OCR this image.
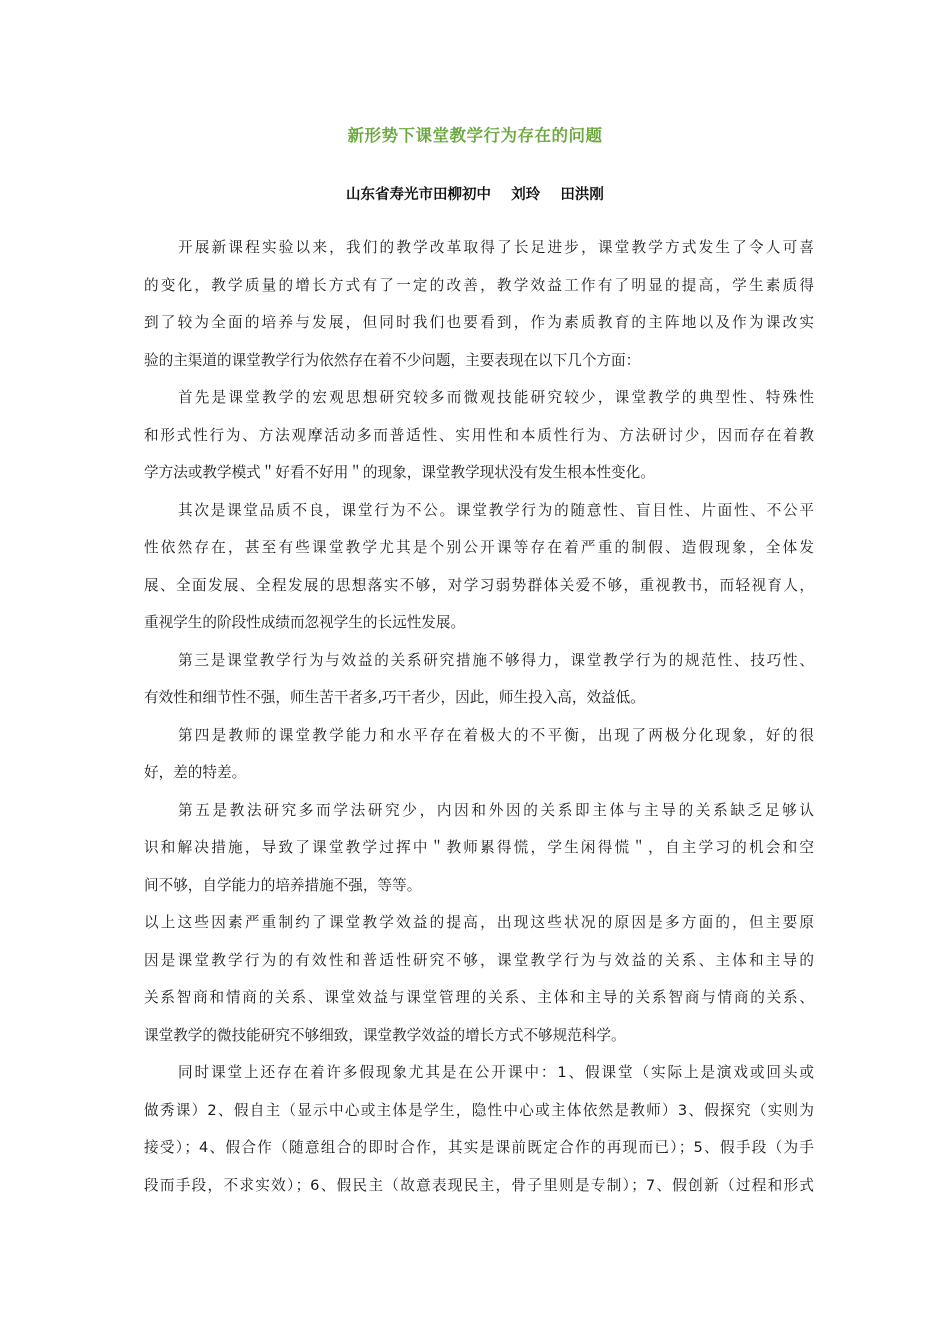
新形势下课堂教学行为存在的问题
山东省寿光市田柳初中    刘玲    田洪刚
开展新课程实验以来，我们的教学改革取得了长足进步，课堂教学方式发生了令人可喜
的变化，教学质量的增长方式有了一定的改善，教学效益工作有了明显的提高，学生素质得
到了较为全面的培养与发展，但同时我们也要看到，作为素质教育的主阵地以及作为课改实
验的主渠道的课堂教学行为依然存在着不少问题，主要表现在以下几个方面：
首先是课堂教学的宏观思想研究较多而微观技能研究较少，课堂教学的典型性、特殊性
和形式性行为、方法观摩活动多而普适性、实用性和本质性行为、方法研讨少，因而存在着教
学方法或教学模式＂好看不好用＂的现象，课堂教学现状没有发生根本性变化。
其次是课堂品质不良，课堂行为不公。课堂教学行为的随意性、盲目性、片面性、不公平
性依然存在，甚至有些课堂教学尤其是个别公开课等存在着严重的制假、造假现象，全体发
展、全面发展、全程发展的思想落实不够，对学习弱势群体关爱不够，重视教书，而轻视育人，
重视学生的阶段性成绩而忽视学生的长远性发展。
第三是课堂教学行为与效益的关系研究措施不够得力，课堂教学行为的规范性、技巧性、
有效性和细节性不强，师生苦干者多,巧干者少，因此，师生投入高，效益低。
第四是教师的课堂教学能力和水平存在着极大的不平衡，出现了两极分化现象，好的很
好，差的特差。
第五是教法研究多而学法研究少，内因和外因的关系即主体与主导的关系缺乏足够认
识和解决措施，导致了课堂教学过挥中＂教师累得慌，学生闲得慌＂，自主学习的机会和空
间不够，自学能力的培养措施不强，等等。
以上这些因素严重制约了课堂教学效益的提高，出现这些状况的原因是多方面的，但主要原
因是课堂教学行为的有效性和普适性研究不够，课堂教学行为与效益的关系、主体和主导的
关系智商和情商的关系、课堂效益与课堂管理的关系、主体和主导的关系智商与情商的关系、
课堂教学的微技能研究不够细致，课堂教学效益的增长方式不够规范科学。
同时课堂上还存在着许多假现象尤其是在公开课中：1、假课堂（实际上是演戏或回头或
做秀课）2、假自主（显示中心或主体是学生，隐性中心或主体依然是教师）3、假探究（实则为
接受）；4、假合作（随意组合的即时合作，其实是课前既定合作的再现而已）；5、假手段（为手
段而手段，不求实效）；6、假民主（故意表现民主，骨子里则是专制）；7、假创新（过程和形式
